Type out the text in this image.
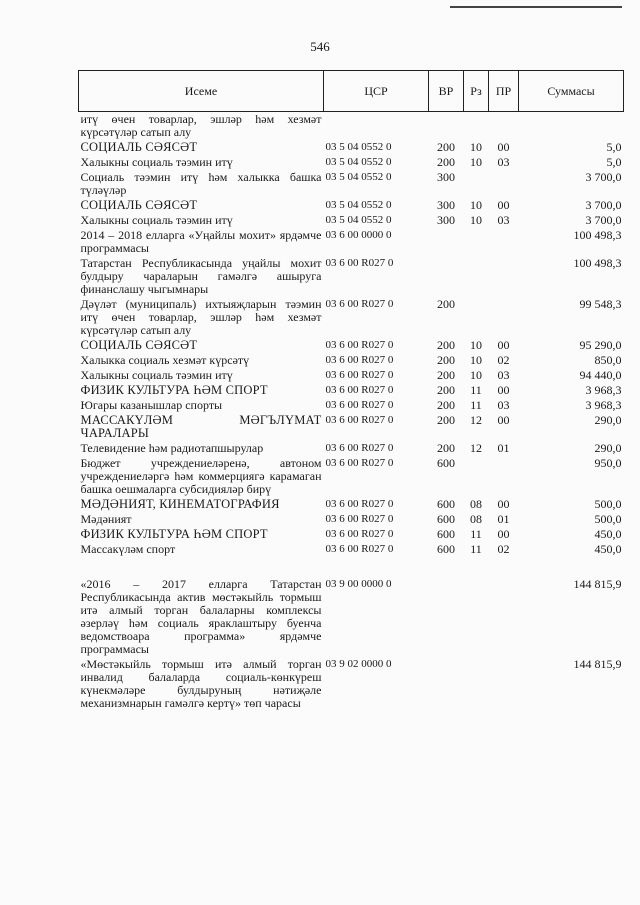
546
Исеме	ЦСР	ВР	Рз	ПР	Суммасы
итү өчен товарлар, эшләр һәм хезмәт күрсәтүләр сатып алу					
СОЦИАЛЬ СӘЯСӘТ	03 5 04 0552 0	200	10	00	5,0
Халыкны социаль тәэмин итү	03 5 04 0552 0	200	10	03	5,0
Социаль тәэмин итү һәм халыкка башка түләүләр	03 5 04 0552 0	300			3 700,0
СОЦИАЛЬ СӘЯСӘТ	03 5 04 0552 0	300	10	00	3 700,0
Халыкны социаль тәэмин итү	03 5 04 0552 0	300	10	03	3 700,0
2014 – 2018 елларга «Уңайлы мохит» ярдәмче программасы	03 6 00 0000 0				100 498,3
Татарстан Республикасында уңайлы мохит булдыру чараларын гамәлгә ашыруга финанслашу чыгымнары	03 6 00 R027 0				100 498,3
Дәүләт (муниципаль) ихтыяҗларын тәэмин итү өчен товарлар, эшләр һәм хезмәт күрсәтүләр сатып алу	03 6 00 R027 0	200			99 548,3
СОЦИАЛЬ СӘЯСӘТ	03 6 00 R027 0	200	10	00	95 290,0
Халыкка социаль хезмәт күрсәтү	03 6 00 R027 0	200	10	02	850,0
Халыкны социаль тәэмин итү	03 6 00 R027 0	200	10	03	94 440,0
ФИЗИК КУЛЬТУРА ҺӘМ СПОРТ	03 6 00 R027 0	200	11	00	3 968,3
Югары казанышлар спорты	03 6 00 R027 0	200	11	03	3 968,3
МАССАКҮЛӘМ МӘГЪЛҮМАТ ЧАРАЛАРЫ	03 6 00 R027 0	200	12	00	290,0
Телевидение һәм радиотапшырулар	03 6 00 R027 0	200	12	01	290,0
Бюджет учреждениеләренә, автоном учреждениеләргә һәм коммерциягә карамаган башка оешмаларга субсидияләр бирү	03 6 00 R027 0	600			950,0
МӘДӘНИЯТ, КИНЕМАТОГРАФИЯ	03 6 00 R027 0	600	08	00	500,0
Мәдәният	03 6 00 R027 0	600	08	01	500,0
ФИЗИК КУЛЬТУРА ҺӘМ СПОРТ	03 6 00 R027 0	600	11	00	450,0
Массакүләм спорт	03 6 00 R027 0	600	11	02	450,0

«2016 – 2017 елларга Татарстан Республикасында актив мөстәкыйль тормыш итә алмый торган балаларны комплексы әзерләү һәм социаль яраклаштыру буенча ведомствоара программа» ярдәмче программасы	03 9 00 0000 0				144 815,9
«Мөстәкыйль тормыш итә алмый торган инвалид балаларда социаль-көнкүреш күнекмәләре булдыруның нәтиҗәле механизмнарын гамәлгә кертү» төп чарасы	03 9 02 0000 0				144 815,9
